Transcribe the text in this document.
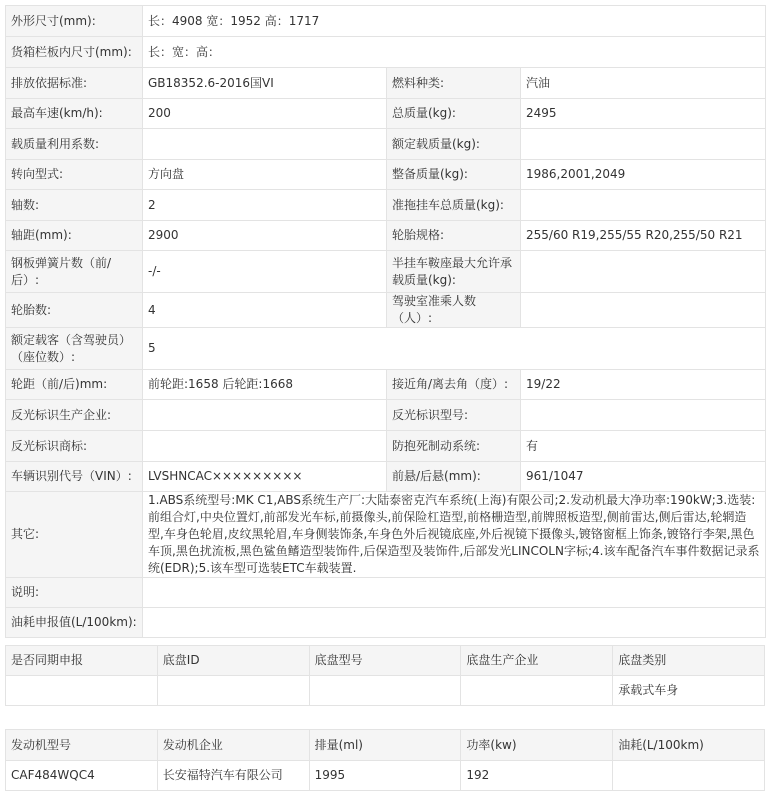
外形尺寸(mm):	长：4908 宽：1952 高：1717		
货箱栏板内尺寸(mm):	长：宽：高：		
排放依据标准:	GB18352.6-2016国VI	燃料种类:	汽油
最高车速(km/h):	200	总质量(kg):	2495
载质量利用系数:		额定载质量(kg):	
转向型式:	方向盘	整备质量(kg):	1986,2001,2049
轴数:	2	准拖挂车总质量(kg):	
轴距(mm):	2900	轮胎规格:	255/60 R19,255/55 R20,255/50 R21
钢板弹簧片数（前/后）:	-/-	半挂车鞍座最大允许承载质量(kg):	
轮胎数:	4	驾驶室准乘人数（人）:	
额定载客（含驾驶员）（座位数）:	5		
轮距（前/后)mm:	前轮距:1658 后轮距:1668	接近角/离去角（度）:	19/22
反光标识生产企业:		反光标识型号:	
反光标识商标:		防抱死制动系统:	有
车辆识别代号（VIN）:	LVSHNCAC×××××××××	前悬/后悬(mm):	961/1047
其它:	1.ABS系统型号:MK C1,ABS系统生产厂:大陆泰密克汽车系统(上海)有限公司;2.发动机最大净功率:190kW;3.选装:前组合灯,中央位置灯,前部发光车标,前摄像头,前保险杠造型,前格栅造型,前牌照板造型,侧前雷达,侧后雷达,轮辋造型,车身色轮眉,皮纹黑轮眉,车身侧装饰条,车身色外后视镜底座,外后视镜下摄像头,镀铬窗框上饰条,镀铬行李架,黑色车顶,黑色扰流板,黑色鲨鱼鳍造型装饰件,后保造型及装饰件,后部发光LINCOLN字标;4.该车配备汽车事件数据记录系统(EDR);5.该车型可选装ETC车载装置.		
说明:			
油耗申报值(L/100km):			
是否同期申报	底盘ID	底盘型号	底盘生产企业	底盘类别
				承载式车身
发动机型号	发动机企业	排量(ml)	功率(kw)	油耗(L/100km)
CAF484WQC4	长安福特汽车有限公司	1995	192	
